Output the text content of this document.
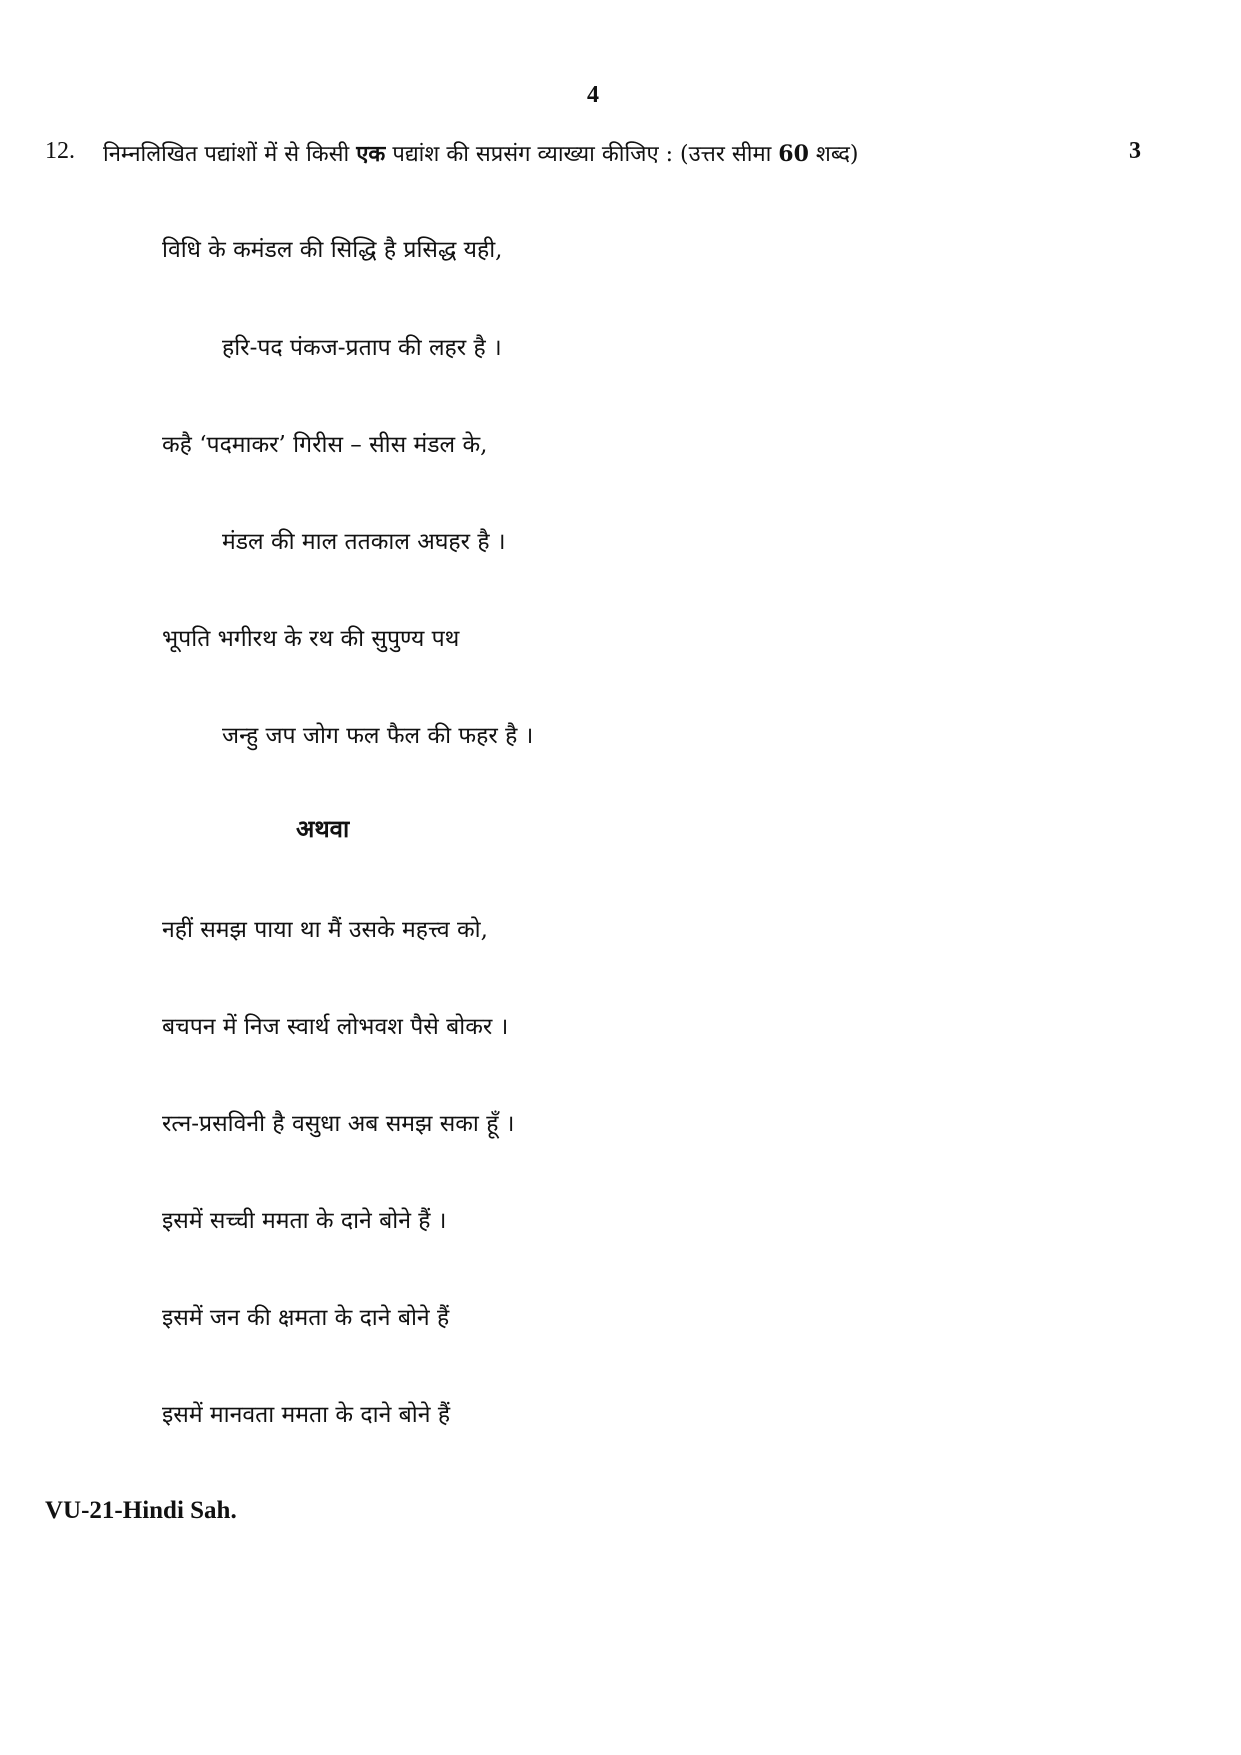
4
12. निम्नलिखित पद्यांशों में से किसी एक पद्यांश की सप्रसंग व्याख्या कीजिए : (उत्तर सीमा 60 शब्द)	3
विधि के कमंडल की सिद्धि है प्रसिद्ध यही,
हरि-पद पंकज-प्रताप की लहर है ।
कहै ‘पदमाकर’ गिरीस – सीस मंडल के,
मंडल की माल ततकाल अघहर है ।
भूपति भगीरथ के रथ की सुपुण्य पथ
जन्हु जप जोग फल फैल की फहर है ।
अथवा
नहीं समझ पाया था मैं उसके महत्त्व को,
बचपन में निज स्वार्थ लोभवश पैसे बोकर ।
रत्न-प्रसविनी है वसुधा अब समझ सका हूँ ।
इसमें सच्ची ममता के दाने बोने हैं ।
इसमें जन की क्षमता के दाने बोने हैं
इसमें मानवता ममता के दाने बोने हैं
VU-21-Hindi Sah.
